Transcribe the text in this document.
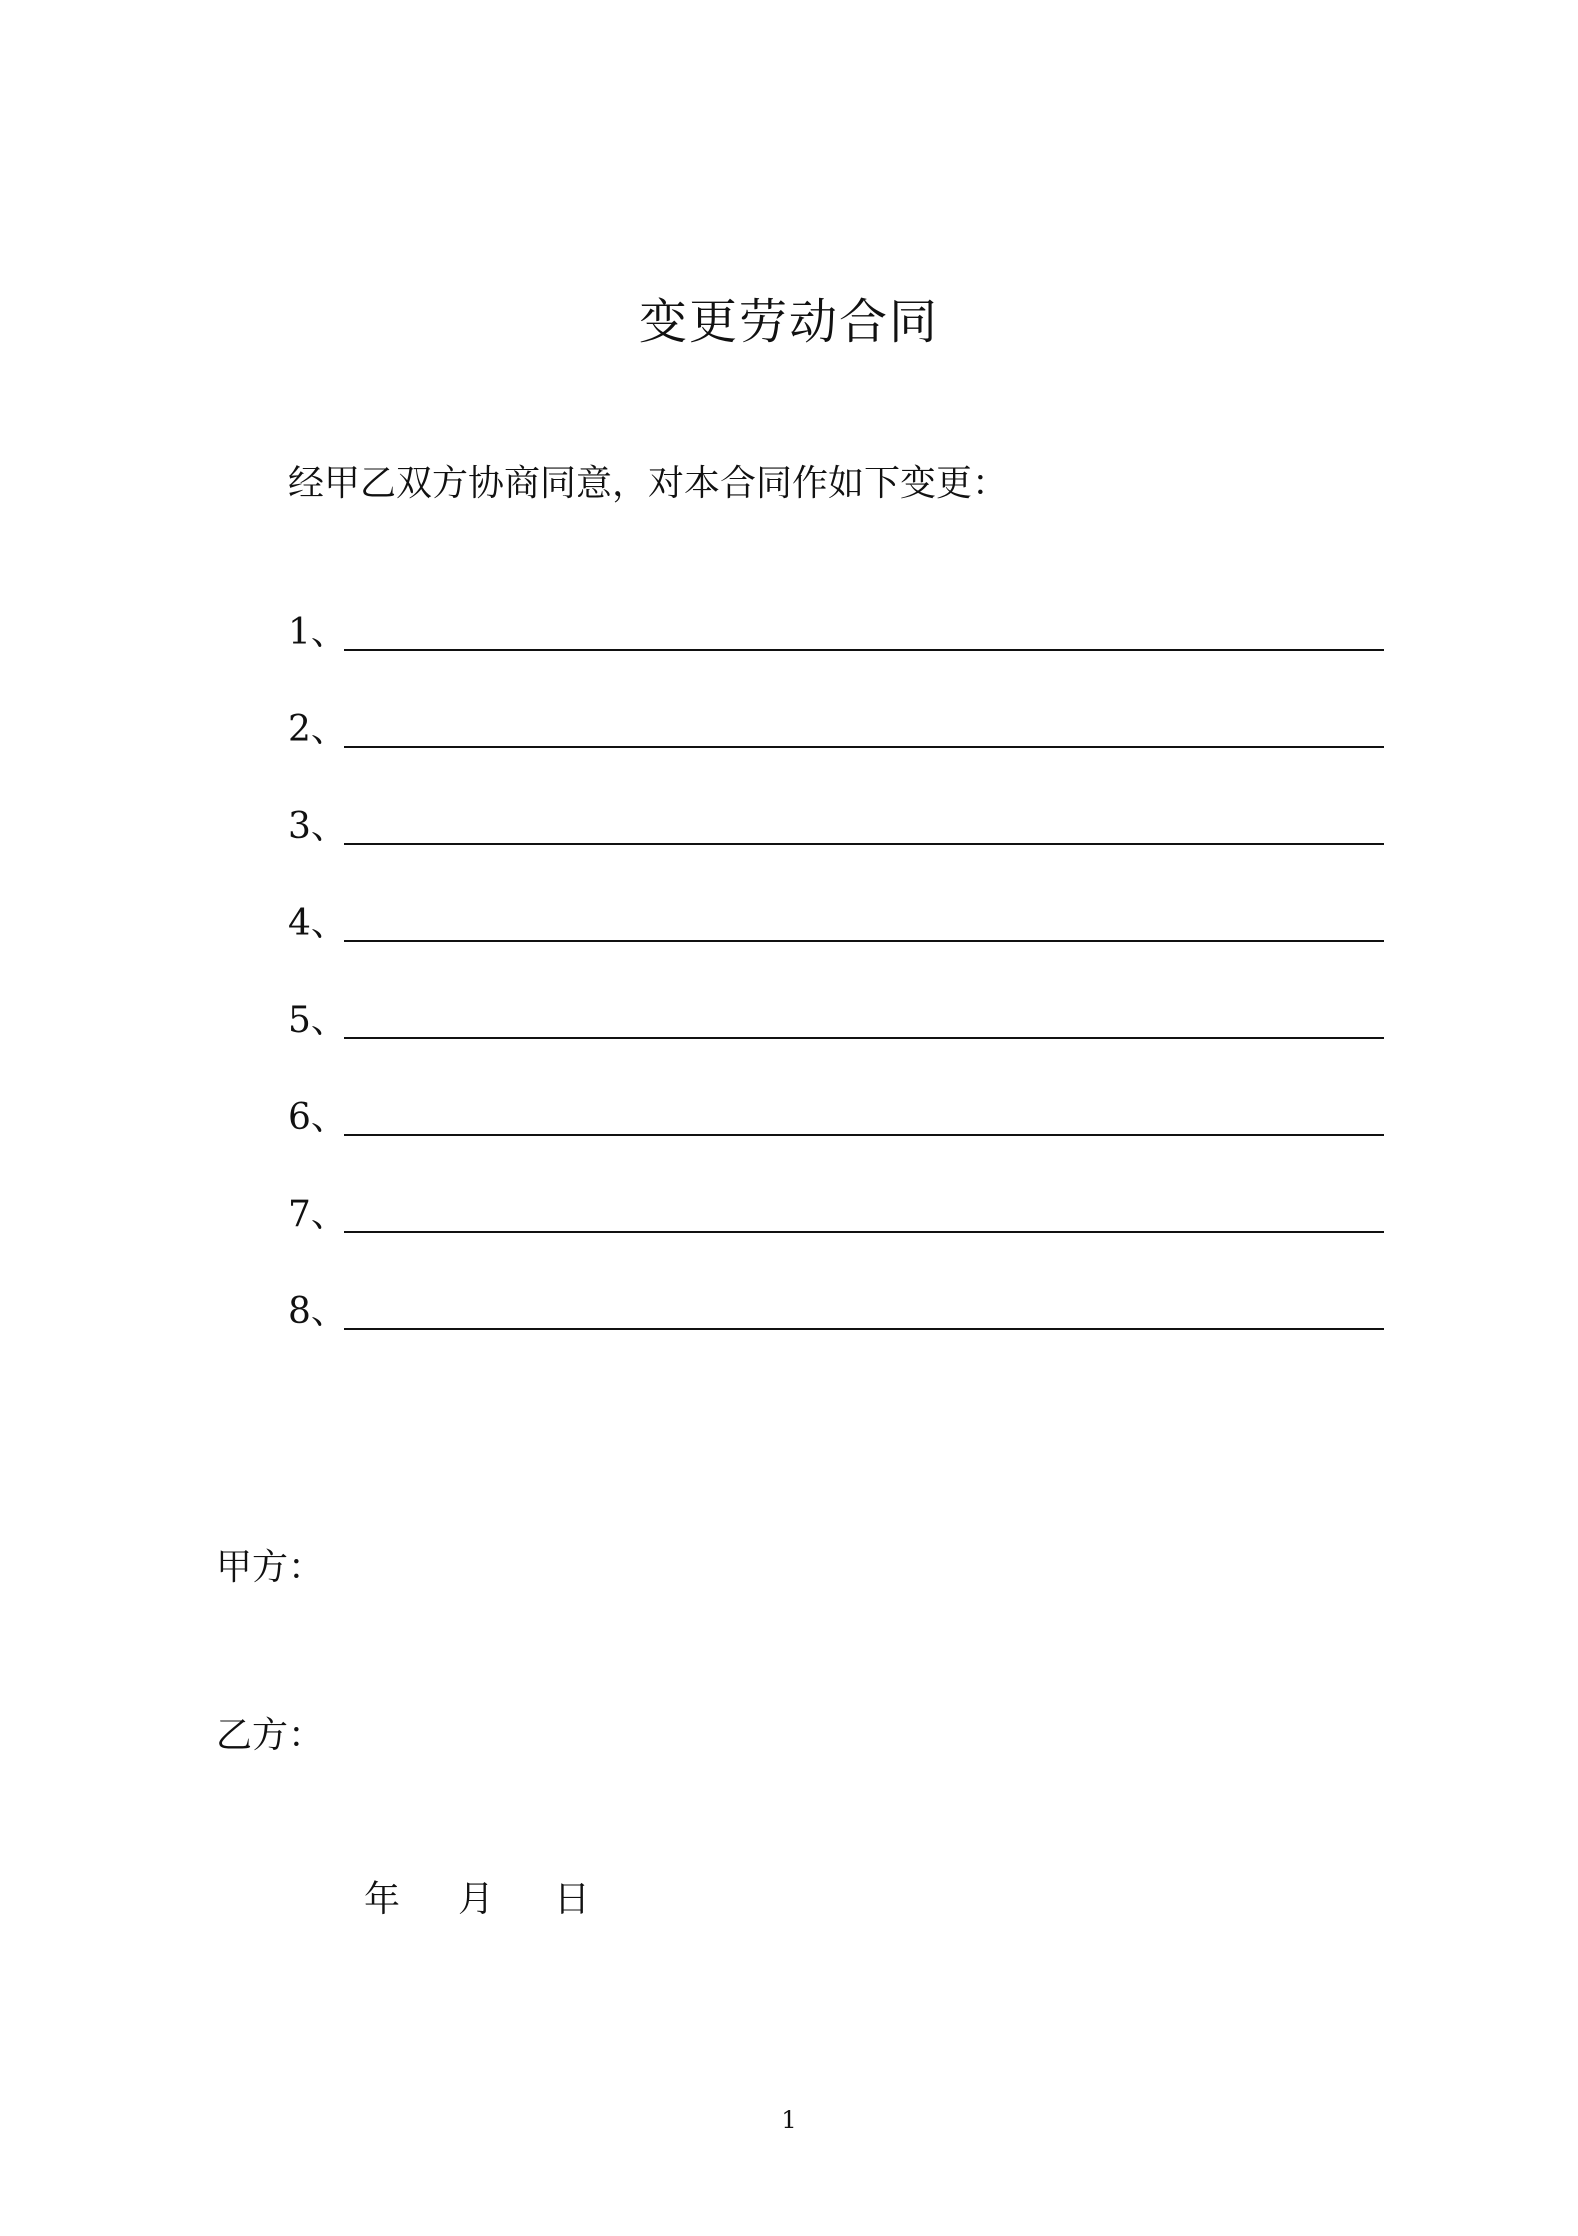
变更劳动合同
经甲乙双方协商同意，对本合同作如下变更：
1、
2、
3、
4、
5、
6、
7、
8、
甲方：
乙方：
年	月	日
1
